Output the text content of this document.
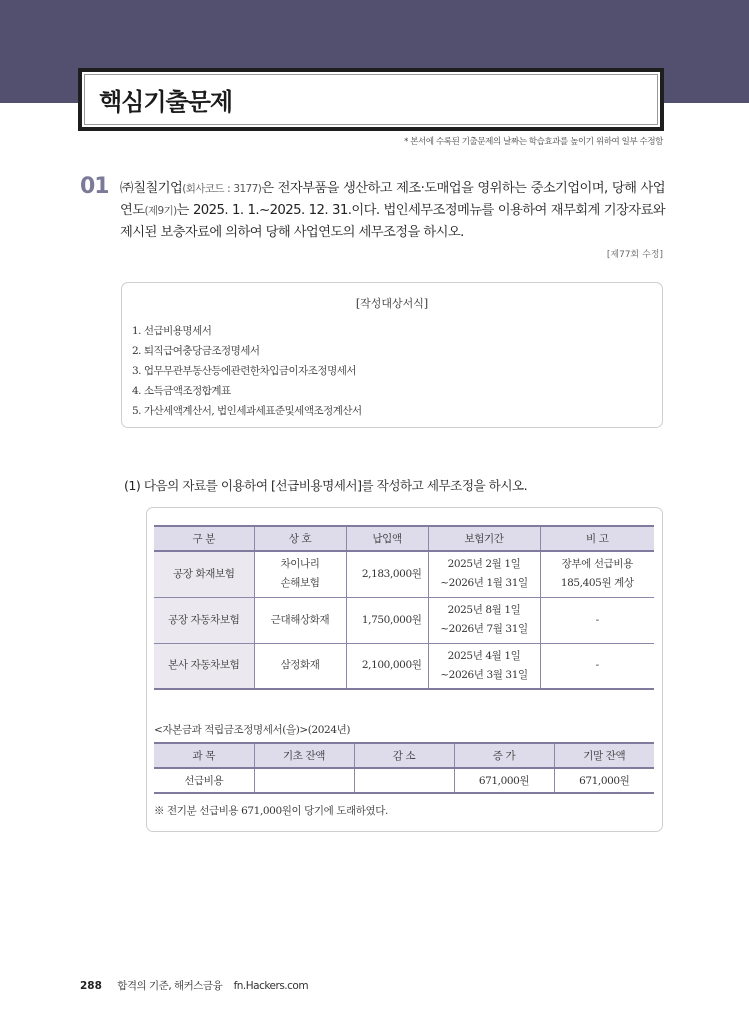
핵심기출문제
* 본서에 수록된 기출문제의 날짜는 학습효과를 높이기 위하여 일부 수정함
01 ㈜칠칠기업(회사코드 : 3177)은 전자부품을 생산하고 제조·도매업을 영위하는 중소기업이며, 당해 사업연도(제9기)는 2025. 1. 1.~2025. 12. 31.이다. 법인세무조정메뉴를 이용하여 재무회계 기장자료와 제시된 보충자료에 의하여 당해 사업연도의 세무조정을 하시오.
[제77회 수정]
[작성대상서식]
1. 선급비용명세서
2. 퇴직급여충당금조정명세서
3. 업무무관부동산등에관련한차입금이자조정명세서
4. 소득금액조정합계표
5. 가산세액계산서, 법인세과세표준및세액조정계산서
(1) 다음의 자료를 이용하여 [선급비용명세서]를 작성하고 세무조정을 하시오.
구 분	상 호	납입액	보험기간	비 고
공장 화재보험	차이나리
손해보험	2,183,000원	2025년 2월 1일
~2026년 1월 31일	장부에 선급비용
185,405원 계상
공장 자동차보험	근대해상화재	1,750,000원	2025년 8월 1일
~2026년 7월 31일	-
본사 자동차보험	삼정화재	2,100,000원	2025년 4월 1일
~2026년 3월 31일	-
<자본금과 적립금조정명세서(을)>(2024년)
과 목	기초 잔액	감 소	증 가	기말 잔액
선급비용			671,000원	671,000원
※ 전기분 선급비용 671,000원이 당기에 도래하였다.
288 합격의 기준, 해커스금융 fn.Hackers.com
